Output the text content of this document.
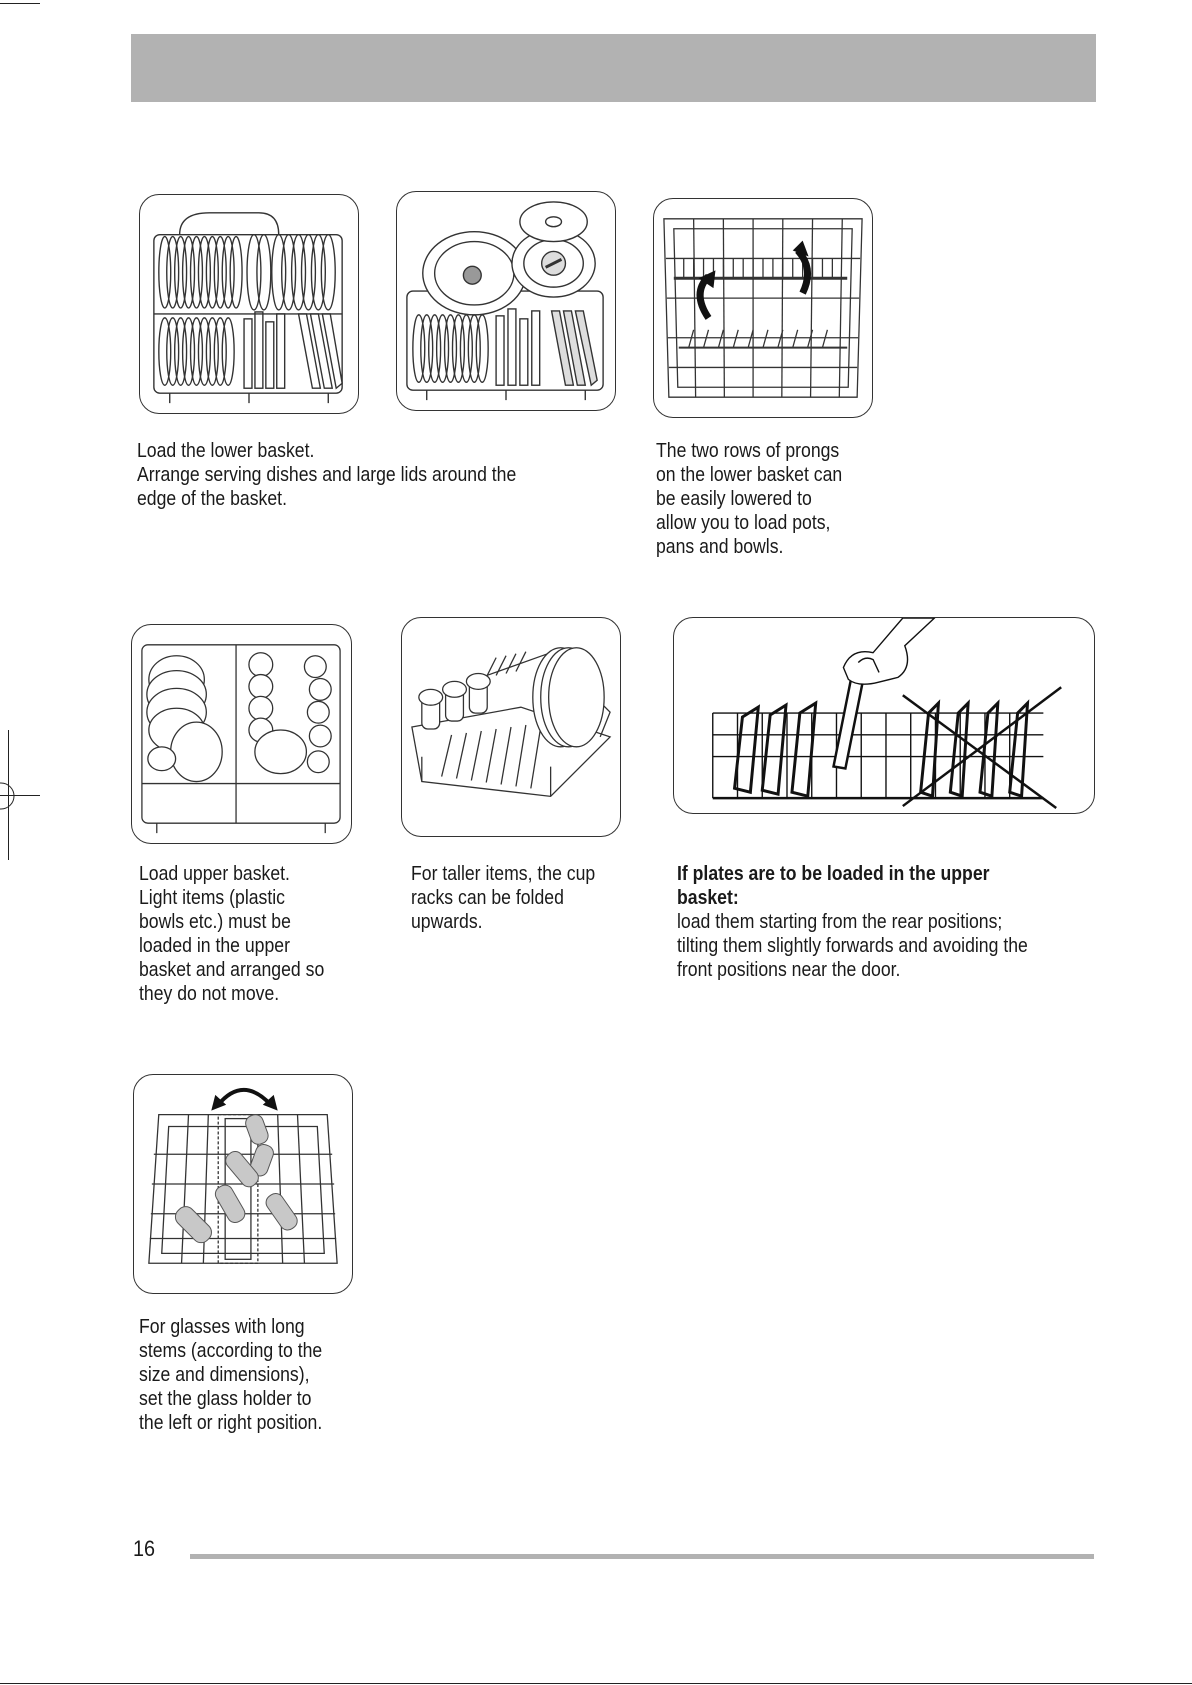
Load the lower basket.
Arrange serving dishes and large lids around the
edge of the basket.
The two rows of prongs
on the lower basket can
be easily lowered to
allow you to load pots,
pans and bowls.
Load upper basket.
Light items (plastic
bowls etc.) must be
loaded in the upper
basket and arranged so
they do not move.
For taller items, the cup
racks can be folded
upwards.
If plates are to be loaded in the upper
basket:
load them starting from the rear positions;
tilting them slightly forwards and avoiding the
front positions near the door.
For glasses with long
stems (according to the
size and dimensions),
set the glass holder to
the left or right position.
16
